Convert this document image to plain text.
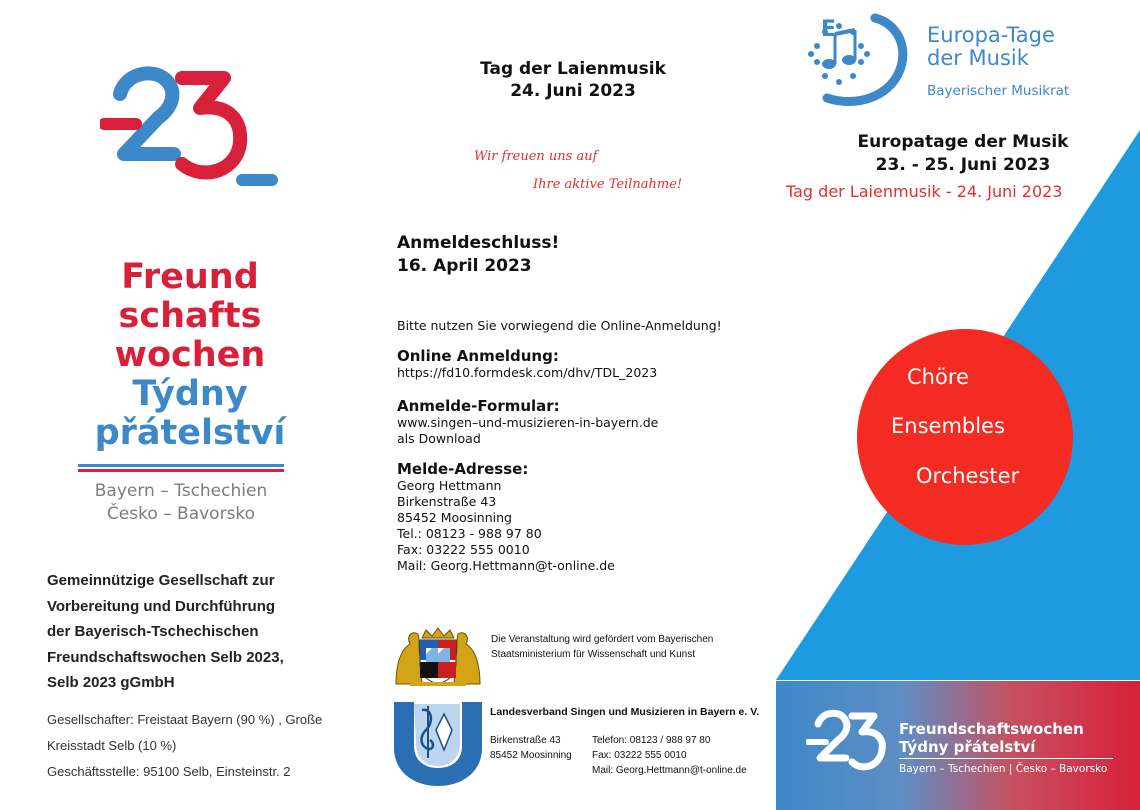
23
Freund
schafts
wochen
Týdny
přátelství
Bayern – Tschechien
Česko – Bavorsko
Gemeinnützige Gesellschaft zur
Vorbereitung und Durchführung
der Bayerisch-Tschechischen
Freundschaftswochen Selb 2023,
Selb 2023 gGmbH
Gesellschafter: Freistaat Bayern (90 %) , Große
Kreisstadt Selb (10 %)
Geschäftsstelle: 95100 Selb, Einsteinstr. 2
Tag der Laienmusik
24. Juni 2023
Wir freuen uns auf
Ihre aktive Teilnahme!
Anmeldeschluss!
16. April 2023
Bitte nutzen Sie vorwiegend die Online-Anmeldung!
Online Anmeldung:
https://fd10.formdesk.com/dhv/TDL_2023
Anmelde-Formular:
www.singen–und-musizieren-in-bayern.de
als Download
Melde-Adresse:
Georg Hettmann
Birkenstraße 43
85452 Moosinning
Tel.: 08123 - 988 97 80
Fax: 03222 555 0010
Mail: Georg.Hettmann@t-online.de
Die Veranstaltung wird gefördert vom Bayerischen
Staatsministerium für Wissenschaft und Kunst
Landesverband Singen und Musizieren in Bayern e. V.
Birkenstraße 43
85452 Moosinning
Telefon: 08123 / 988 97 80
Fax: 03222 555 0010
Mail: Georg.Hettmann@t-online.de
E	Europa-Tage
der Musik
Bayerischer Musikrat
Europatage der Musik
23. - 25. Juni 2023
Tag der Laienmusik - 24. Juni 2023
Chöre
Ensembles
Orchester
23
Freundschaftswochen
Týdny přátelství
Bayern – Tschechien | Česko – Bavorsko
